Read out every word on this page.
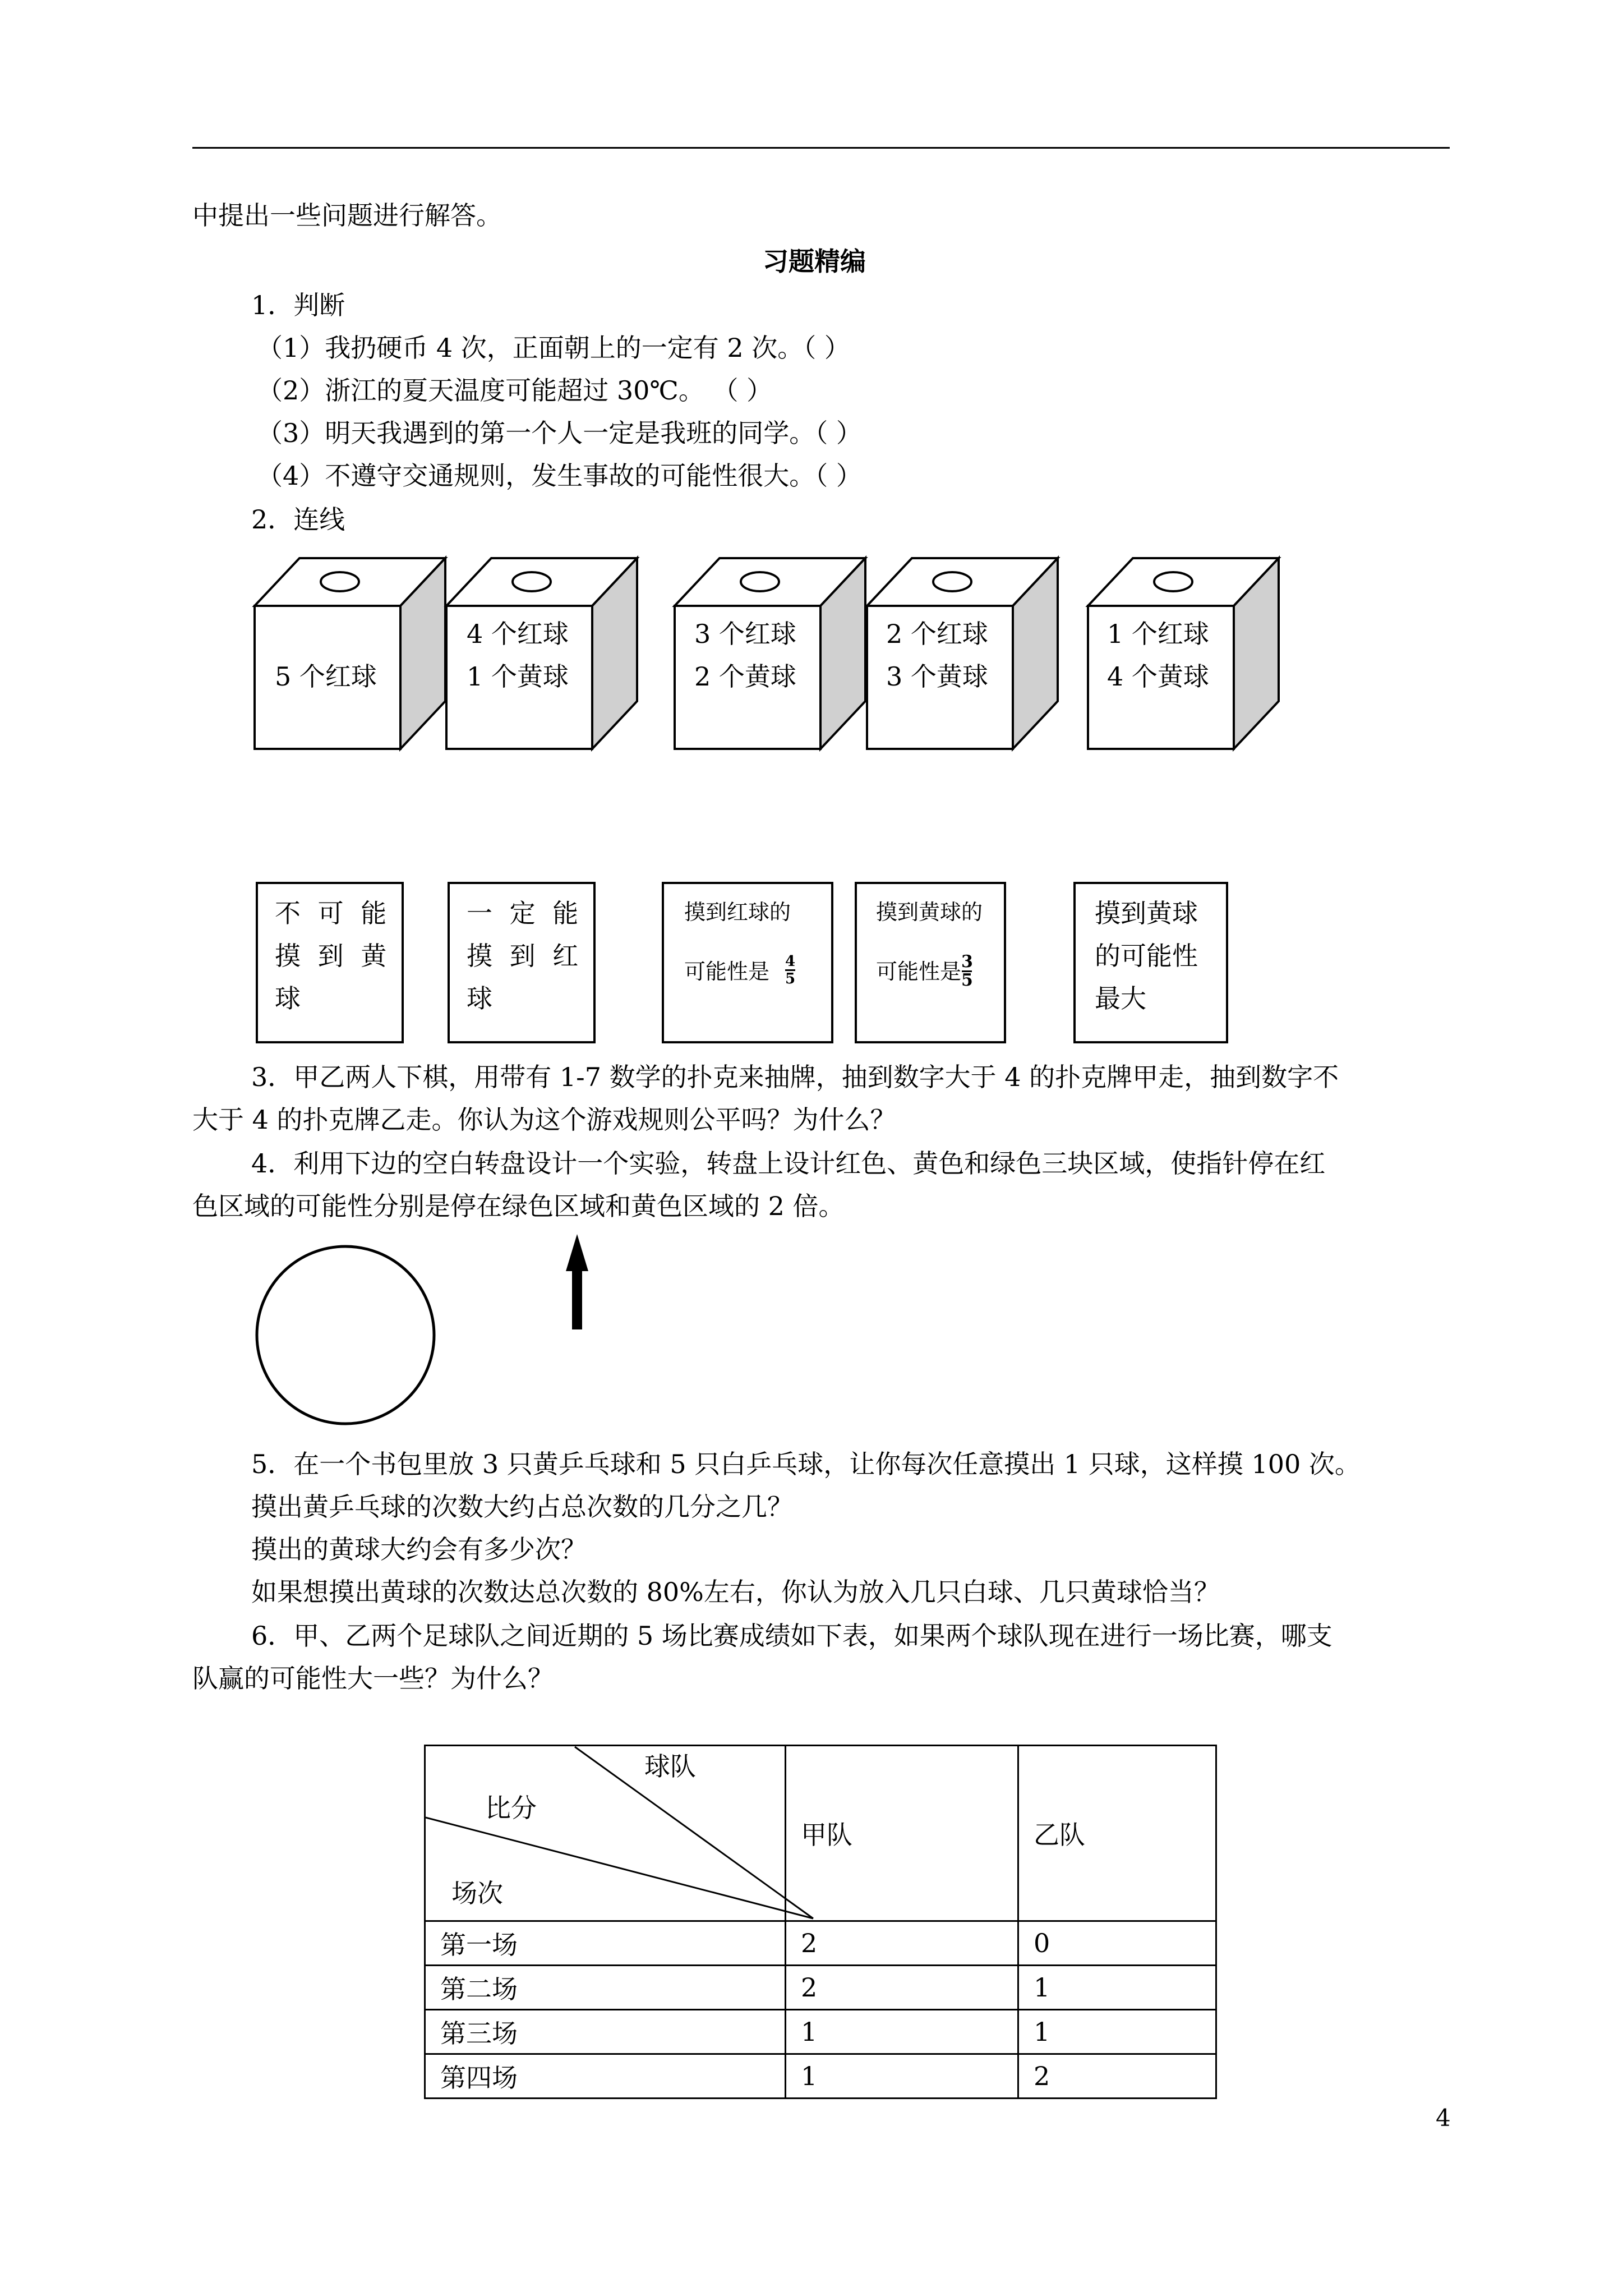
中提出一些问题进行解答。
习题精编
1．判断
（1）我扔硬币 4 次，正面朝上的一定有 2 次。（ ）
（2）浙江的夏天温度可能超过 30℃。 （ ）
（3）明天我遇到的第一个人一定是我班的同学。（ ）
（4）不遵守交通规则，发生事故的可能性很大。（ ）
2．连线
5 个红球
4 个红球
1 个黄球
3 个红球
2 个黄球
2 个红球
3 个黄球
1 个红球
4 个黄球
不 可 能 摸 到 黄 球
一 定 能 摸 到 红 球
摸到红球的
可能性是 4
5
摸到黄球的
可能性是 3
5
摸到黄球的可能性最大
3．甲乙两人下棋，用带有 1-7 数学的扑克来抽牌，抽到数字大于 4 的扑克牌甲走，抽到数字不
大于 4 的扑克牌乙走。你认为这个游戏规则公平吗？为什么？
4．利用下边的空白转盘设计一个实验，转盘上设计红色、黄色和绿色三块区域，使指针停在红
色区域的可能性分别是停在绿色区域和黄色区域的 2 倍。
5．在一个书包里放 3 只黄乒乓球和 5 只白乒乓球，让你每次任意摸出 1 只球，这样摸 100 次。
摸出黄乒乓球的次数大约占总次数的几分之几？
摸出的黄球大约会有多少次？
如果想摸出黄球的次数达总次数的 80%左右，你认为放入几只白球、几只黄球恰当？
6．甲、乙两个足球队之间近期的 5 场比赛成绩如下表，如果两个球队现在进行一场比赛，哪支
队赢的可能性大一些？为什么？
球队
比分
场次	甲队	乙队
第一场	2	0
第二场	2	1
第三场	1	1
第四场	1	2
4
